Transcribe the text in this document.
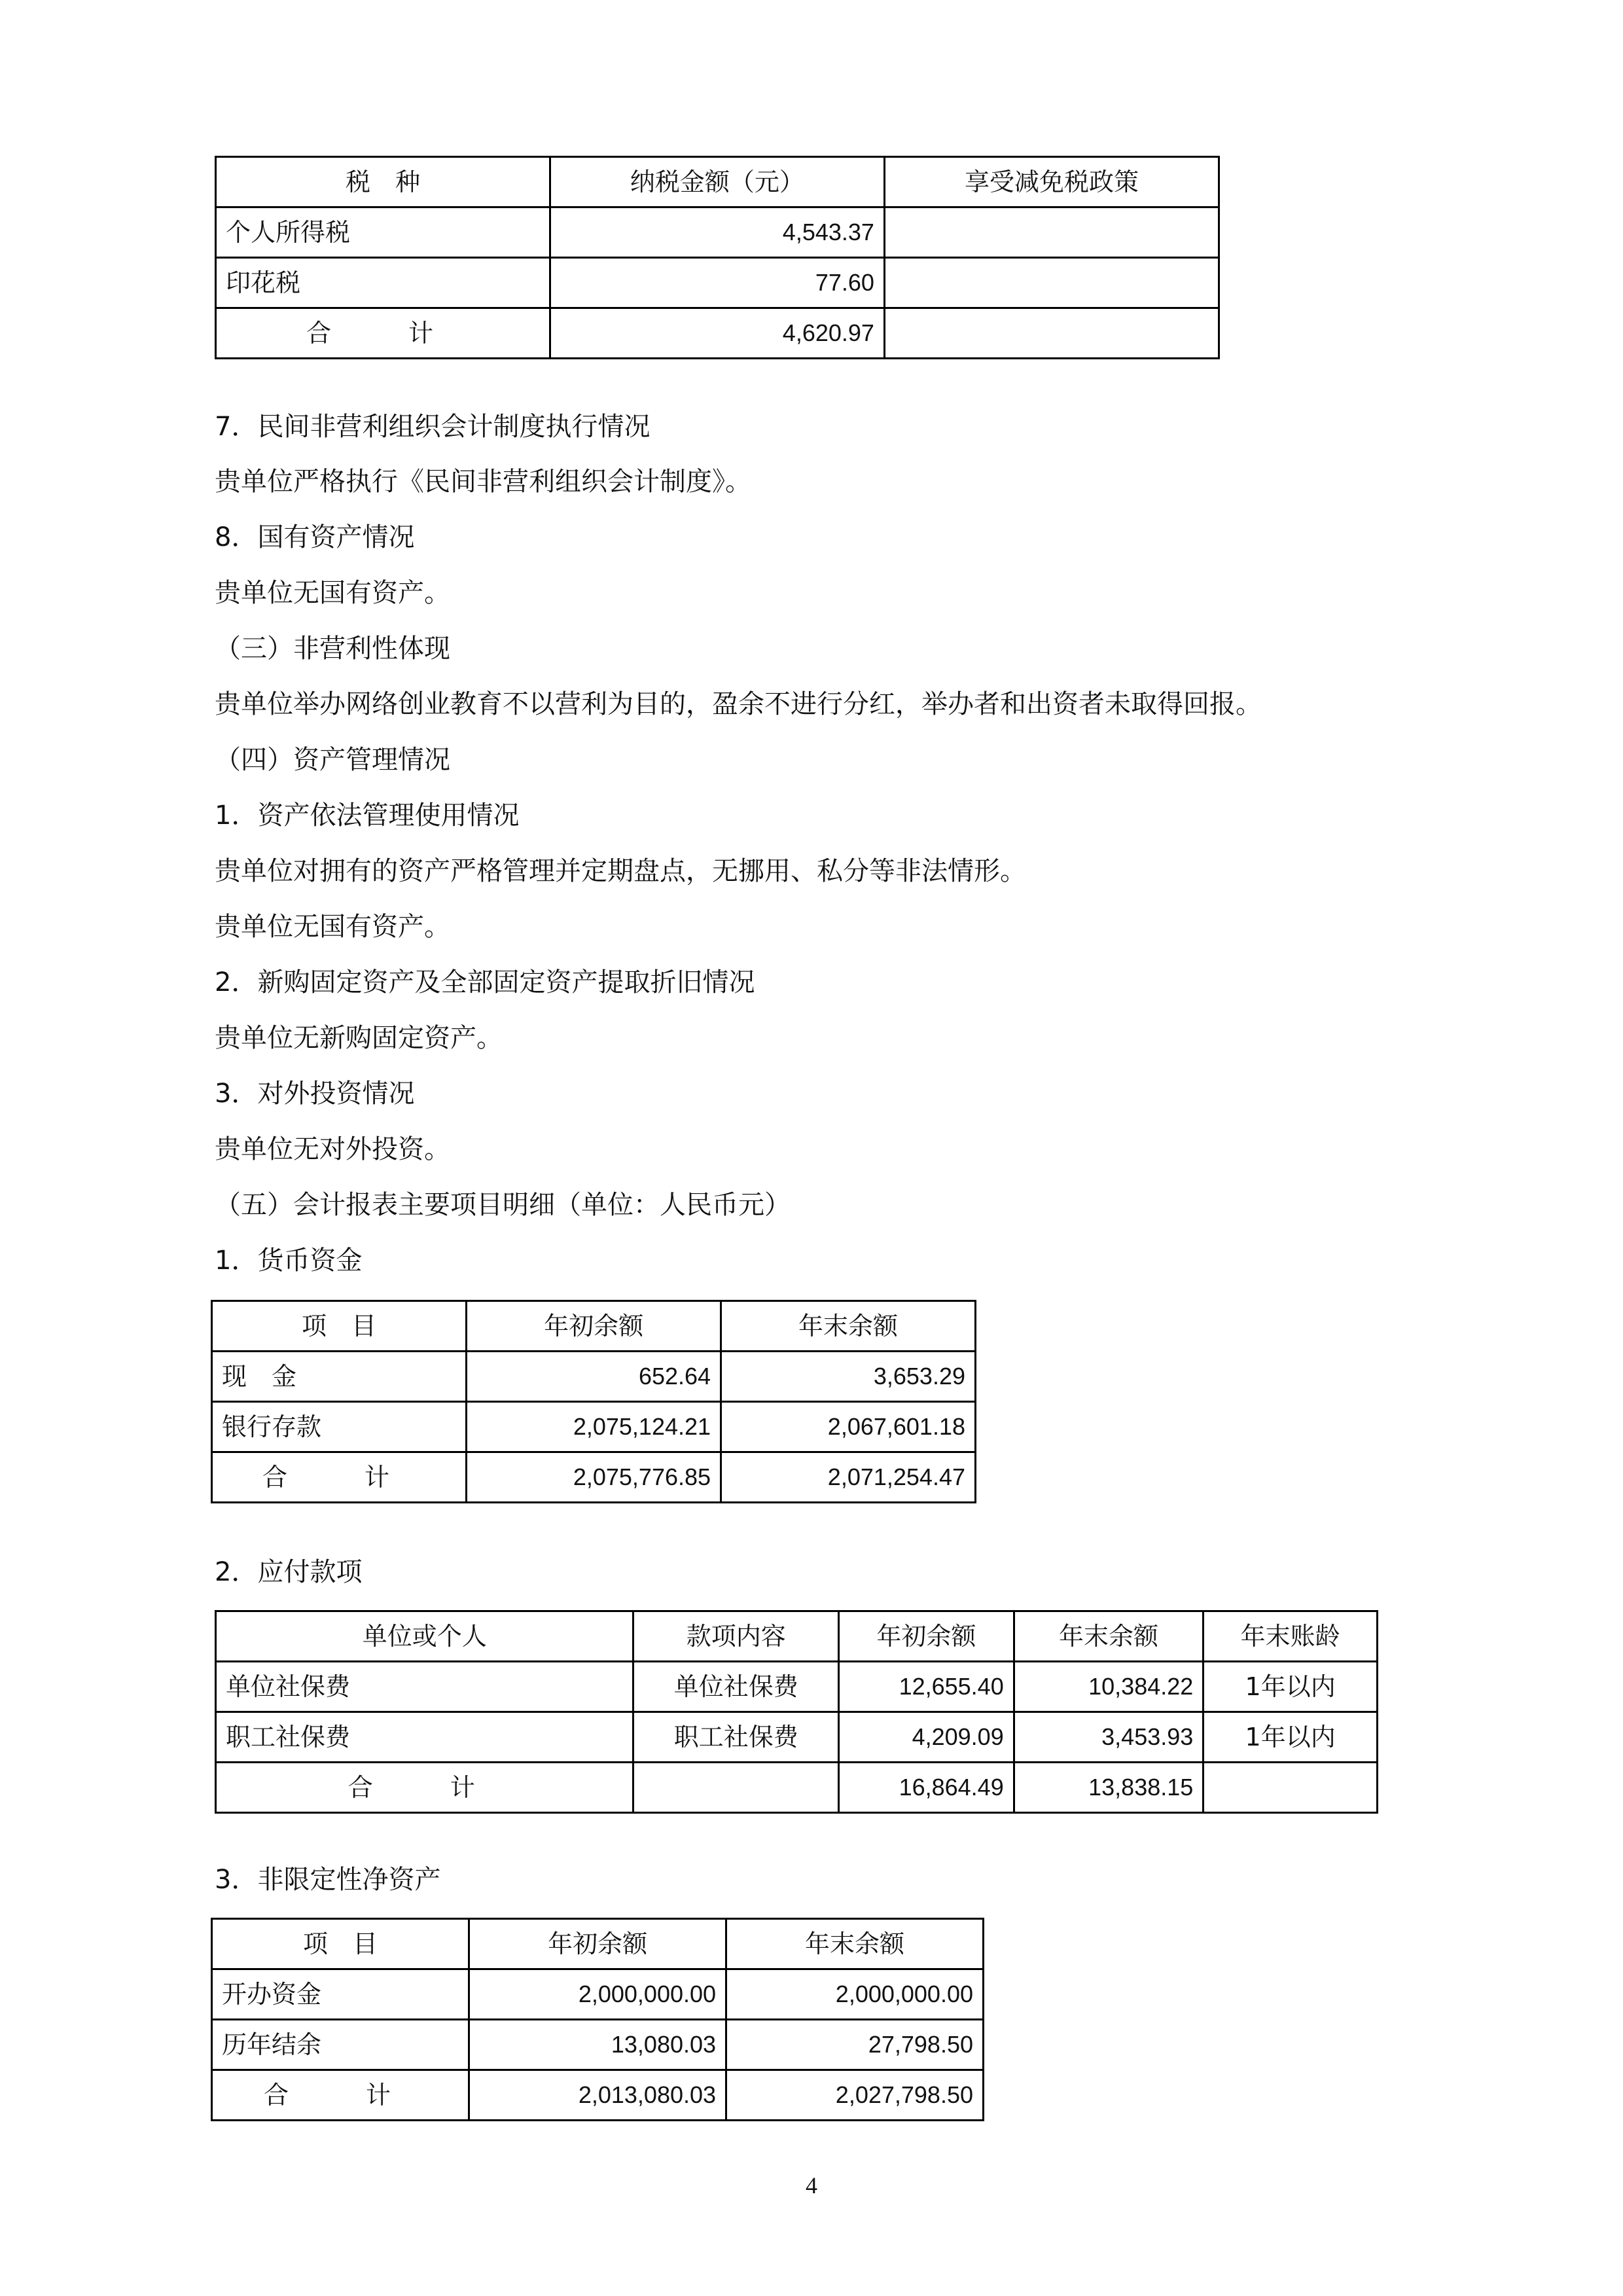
税　种	纳税金额（元）	享受减免税政策
个人所得税	4,543.37	
印花税	77.60	
合　计	4,620.97	
7．民间非营利组织会计制度执行情况
贵单位严格执行《民间非营利组织会计制度》。
8．国有资产情况
贵单位无国有资产。
（三）非营利性体现
贵单位举办网络创业教育不以营利为目的，盈余不进行分红，举办者和出资者未取得回报。
（四）资产管理情况
1．资产依法管理使用情况
贵单位对拥有的资产严格管理并定期盘点，无挪用、私分等非法情形。
贵单位无国有资产。
2．新购固定资产及全部固定资产提取折旧情况
贵单位无新购固定资产。
3．对外投资情况
贵单位无对外投资。
（五）会计报表主要项目明细（单位：人民币元）
1．货币资金
项　目	年初余额	年末余额
现　金	652.64	3,653.29
银行存款	2,075,124.21	2,067,601.18
合　计	2,075,776.85	2,071,254.47
2．应付款项
单位或个人	款项内容	年初余额	年末余额	年末账龄
单位社保费	单位社保费	12,655.40	10,384.22	1年以内
职工社保费	职工社保费	4,209.09	3,453.93	1年以内
合　计		16,864.49	13,838.15	
3．非限定性净资产
项　目	年初余额	年末余额
开办资金	2,000,000.00	2,000,000.00
历年结余	13,080.03	27,798.50
合　计	2,013,080.03	2,027,798.50
4
